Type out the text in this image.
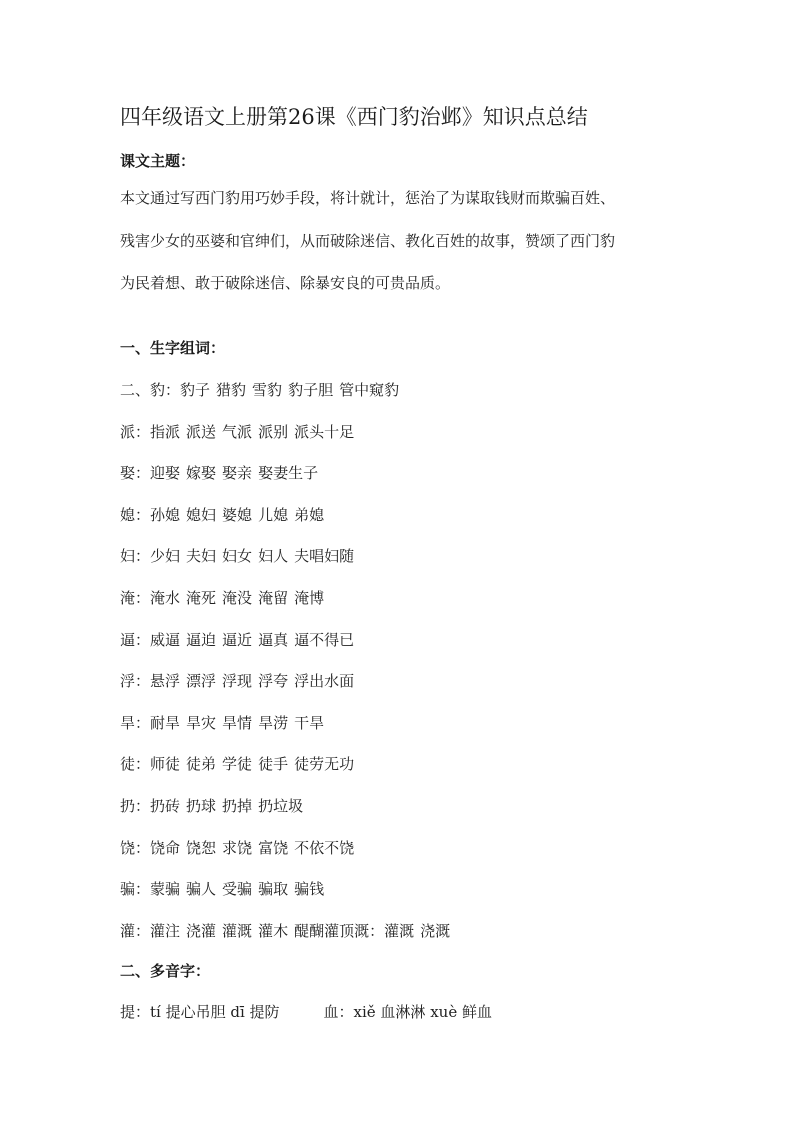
四年级语文上册第26课《西门豹治邺》知识点总结
课文主题：
本文通过写西门豹用巧妙手段，将计就计，惩治了为谋取钱财而欺骗百姓、
残害少女的巫婆和官绅们，从而破除迷信、教化百姓的故事，赞颂了西门豹
为民着想、敢于破除迷信、除暴安良的可贵品质。
一、生字组词：
二、豹：豹子 猎豹 雪豹 豹子胆 管中窥豹
派：指派 派送 气派 派别 派头十足
娶：迎娶 嫁娶 娶亲 娶妻生子
媳：孙媳 媳妇 婆媳 儿媳 弟媳
妇：少妇 夫妇 妇女 妇人 夫唱妇随
淹：淹水 淹死 淹没 淹留 淹博
逼：威逼 逼迫 逼近 逼真 逼不得已
浮：悬浮 漂浮 浮现 浮夸 浮出水面
旱：耐旱 旱灾 旱情 旱涝 干旱
徒：师徒 徒弟 学徒 徒手 徒劳无功
扔：扔砖 扔球 扔掉 扔垃圾
饶：饶命 饶恕 求饶 富饶 不依不饶
骗：蒙骗 骗人 受骗 骗取 骗钱
灌：灌注 浇灌 灌溉 灌木 醍醐灌顶溉：灌溉 浇溉
二、多音字：
提：tí 提心吊胆 dī 提防	血：xiě 血淋淋 xuè 鲜血
